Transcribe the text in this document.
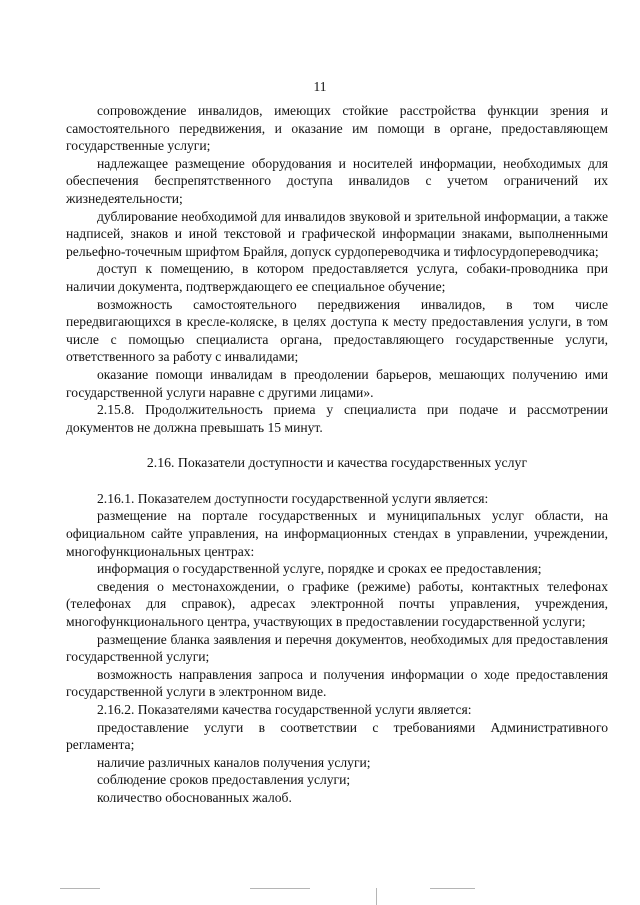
11

сопровождение инвалидов, имеющих стойкие расстройства функции зрения и самостоятельного передвижения, и оказание им помощи в органе, предоставляющем государственные услуги;

надлежащее размещение оборудования и носителей информации, необходимых для обеспечения беспрепятственного доступа инвалидов с учетом ограничений их жизнедеятельности;

дублирование необходимой для инвалидов звуковой и зрительной информации, а также надписей, знаков и иной текстовой и графической информации знаками, выполненными рельефно-точечным шрифтом Брайля, допуск сурдопереводчика и тифлосурдопереводчика;

доступ к помещению, в котором предоставляется услуга, собаки-проводника при наличии документа, подтверждающего ее специальное обучение;

возможность самостоятельного передвижения инвалидов, в том числе передвигающихся в кресле-коляске, в целях доступа к месту предоставления услуги, в том числе с помощью специалиста органа, предоставляющего государственные услуги, ответственного за работу с инвалидами;

оказание помощи инвалидам в преодолении барьеров, мешающих получению ими государственной услуги наравне с другими лицами».

2.15.8. Продолжительность приема у специалиста при подаче и рассмотрении документов не должна превышать 15 минут.

2.16. Показатели доступности и качества государственных услуг

2.16.1. Показателем доступности государственной услуги является:

размещение на портале государственных и муниципальных услуг области, на официальном сайте управления, на информационных стендах в управлении, учреждении, многофункциональных центрах:

информация о государственной услуге, порядке и сроках ее предоставления;

сведения о местонахождении, о графике (режиме) работы, контактных телефонах (телефонах для справок), адресах электронной почты управления, учреждения, многофункционального центра, участвующих в предоставлении государственной услуги;

размещение бланка заявления и перечня документов, необходимых для предоставления государственной услуги;

возможность направления запроса и получения информации о ходе предоставления государственной услуги в электронном виде.

2.16.2. Показателями качества государственной услуги является:

предоставление услуги в соответствии с требованиями Административного регламента;

наличие различных каналов получения услуги;

соблюдение сроков предоставления услуги;

количество обоснованных жалоб.
